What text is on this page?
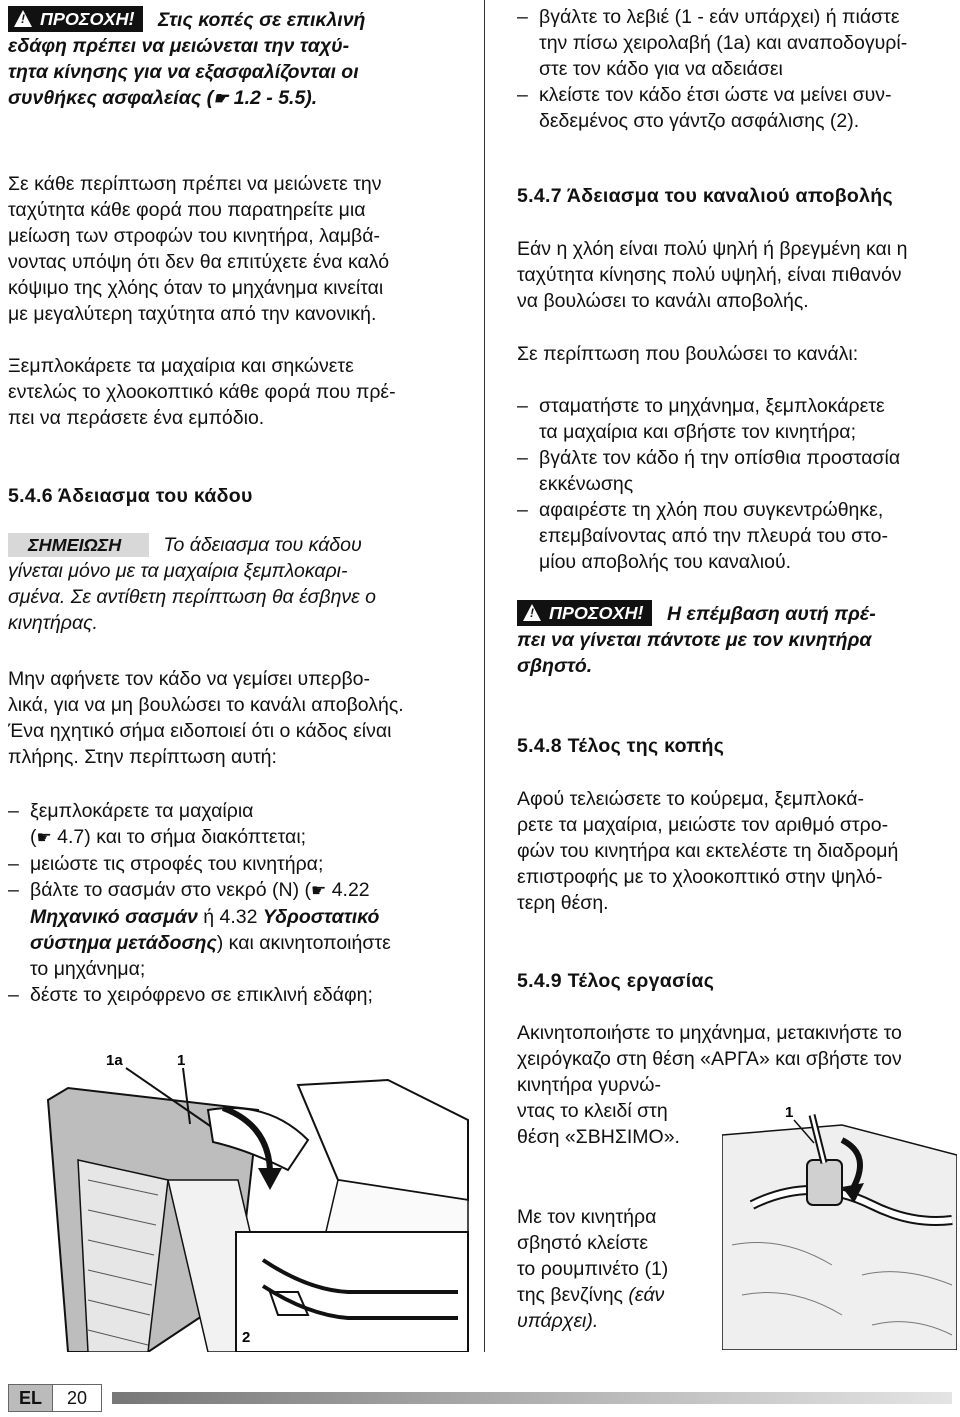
! ΠΡΟΣΟΧΗ! Στις κοπές σε επικλινή
εδάφη πρέπει να μειώνεται την ταχύ-
τητα κίνησης για να εξασφαλίζονται οι
συνθήκες ασφαλείας (☛ 1.2 - 5.5).

Σε κάθε περίπτωση πρέπει να μειώνετε την
ταχύτητα κάθε φορά που παρατηρείτε μια
μείωση των στροφών του κινητήρα, λαμβά-
νοντας υπόψη ότι δεν θα επιτύχετε ένα καλό
κόψιμο της χλόης όταν το μηχάνημα κινείται
με μεγαλύτερη ταχύτητα από την κανονική.

Ξεμπλοκάρετε τα μαχαίρια και σηκώνετε
εντελώς το χλοοκοπτικό κάθε φορά που πρέ-
πει να περάσετε ένα εμπόδιο.

5.4.6 Άδειασμα του κάδου

ΣΗΜΕΙΩΣΗ Το άδειασμα του κάδου
γίνεται μόνο με τα μαχαίρια ξεμπλοκαρι-
σμένα. Σε αντίθετη περίπτωση θα έσβηνε ο
κινητήρας.

Μην αφήνετε τον κάδο να γεμίσει υπερβο-
λικά, για να μη βουλώσει το κανάλι αποβολής.
Ένα ηχητικό σήμα ειδοποιεί ότι ο κάδος είναι
πλήρης. Στην περίπτωση αυτή:

– ξεμπλοκάρετε τα μαχαίρια
(☛ 4.7) και το σήμα διακόπτεται;
– μειώστε τις στροφές του κινητήρα;
– βάλτε το σασμάν στο νεκρό (N) (☛ 4.22
Μηχανικό σασμάν ή 4.32 Υδροστατικό
σύστημα μετάδοσης) και ακινητοποιήστε
το μηχάνημα;
– δέστε το χειρόφρενο σε επικλινή εδάφη;
1a	1
2
– βγάλτε το λεβιέ (1 - εάν υπάρχει) ή πιάστε
την πίσω χειρολαβή (1a) και αναποδογυρί-
στε τον κάδο για να αδειάσει
– κλείστε τον κάδο έτσι ώστε να μείνει συν-
δεδεμένος στο γάντζο ασφάλισης (2).
5.4.7 Άδειασμα του καναλιού αποβολής

Εάν η χλόη είναι πολύ ψηλή ή βρεγμένη και η
ταχύτητα κίνησης πολύ υψηλή, είναι πιθανόν
να βουλώσει το κανάλι αποβολής.

Σε περίπτωση που βουλώσει το κανάλι:

– σταματήστε το μηχάνημα, ξεμπλοκάρετε
τα μαχαίρια και σβήστε τον κινητήρα;
– βγάλτε τον κάδο ή την οπίσθια προστασία
εκκένωσης
– αφαιρέστε τη χλόη που συγκεντρώθηκε,
επεμβαίνοντας από την πλευρά του στο-
μίου αποβολής του καναλιού.

! ΠΡΟΣΟΧΗ! Η επέμβαση αυτή πρέ-
πει να γίνεται πάντοτε με τον κινητήρα
σβηστό.

5.4.8 Τέλος της κοπής

Αφού τελειώσετε το κούρεμα, ξεμπλοκά-
ρετε τα μαχαίρια, μειώστε τον αριθμό στρο-
φών του κινητήρα και εκτελέστε τη διαδρομή
επιστροφής με το χλοοκοπτικό στην ψηλό-
τερη θέση.

5.4.9 Τέλος εργασίας

Ακινητοποιήστε το μηχάνημα, μετακινήστε το
χειρόγκαζο στη θέση «ΑΡΓΑ» και σβήστε τον
κινητήρα γυρνώ-
ντας το κλειδί στη
θέση «ΣΒΗΣΙΜΟ».

Με τον κινητήρα
σβηστό κλείστε
το ρουμπινέτο (1)
της βενζίνης (εάν
υπάρχει).

1
EL	20
